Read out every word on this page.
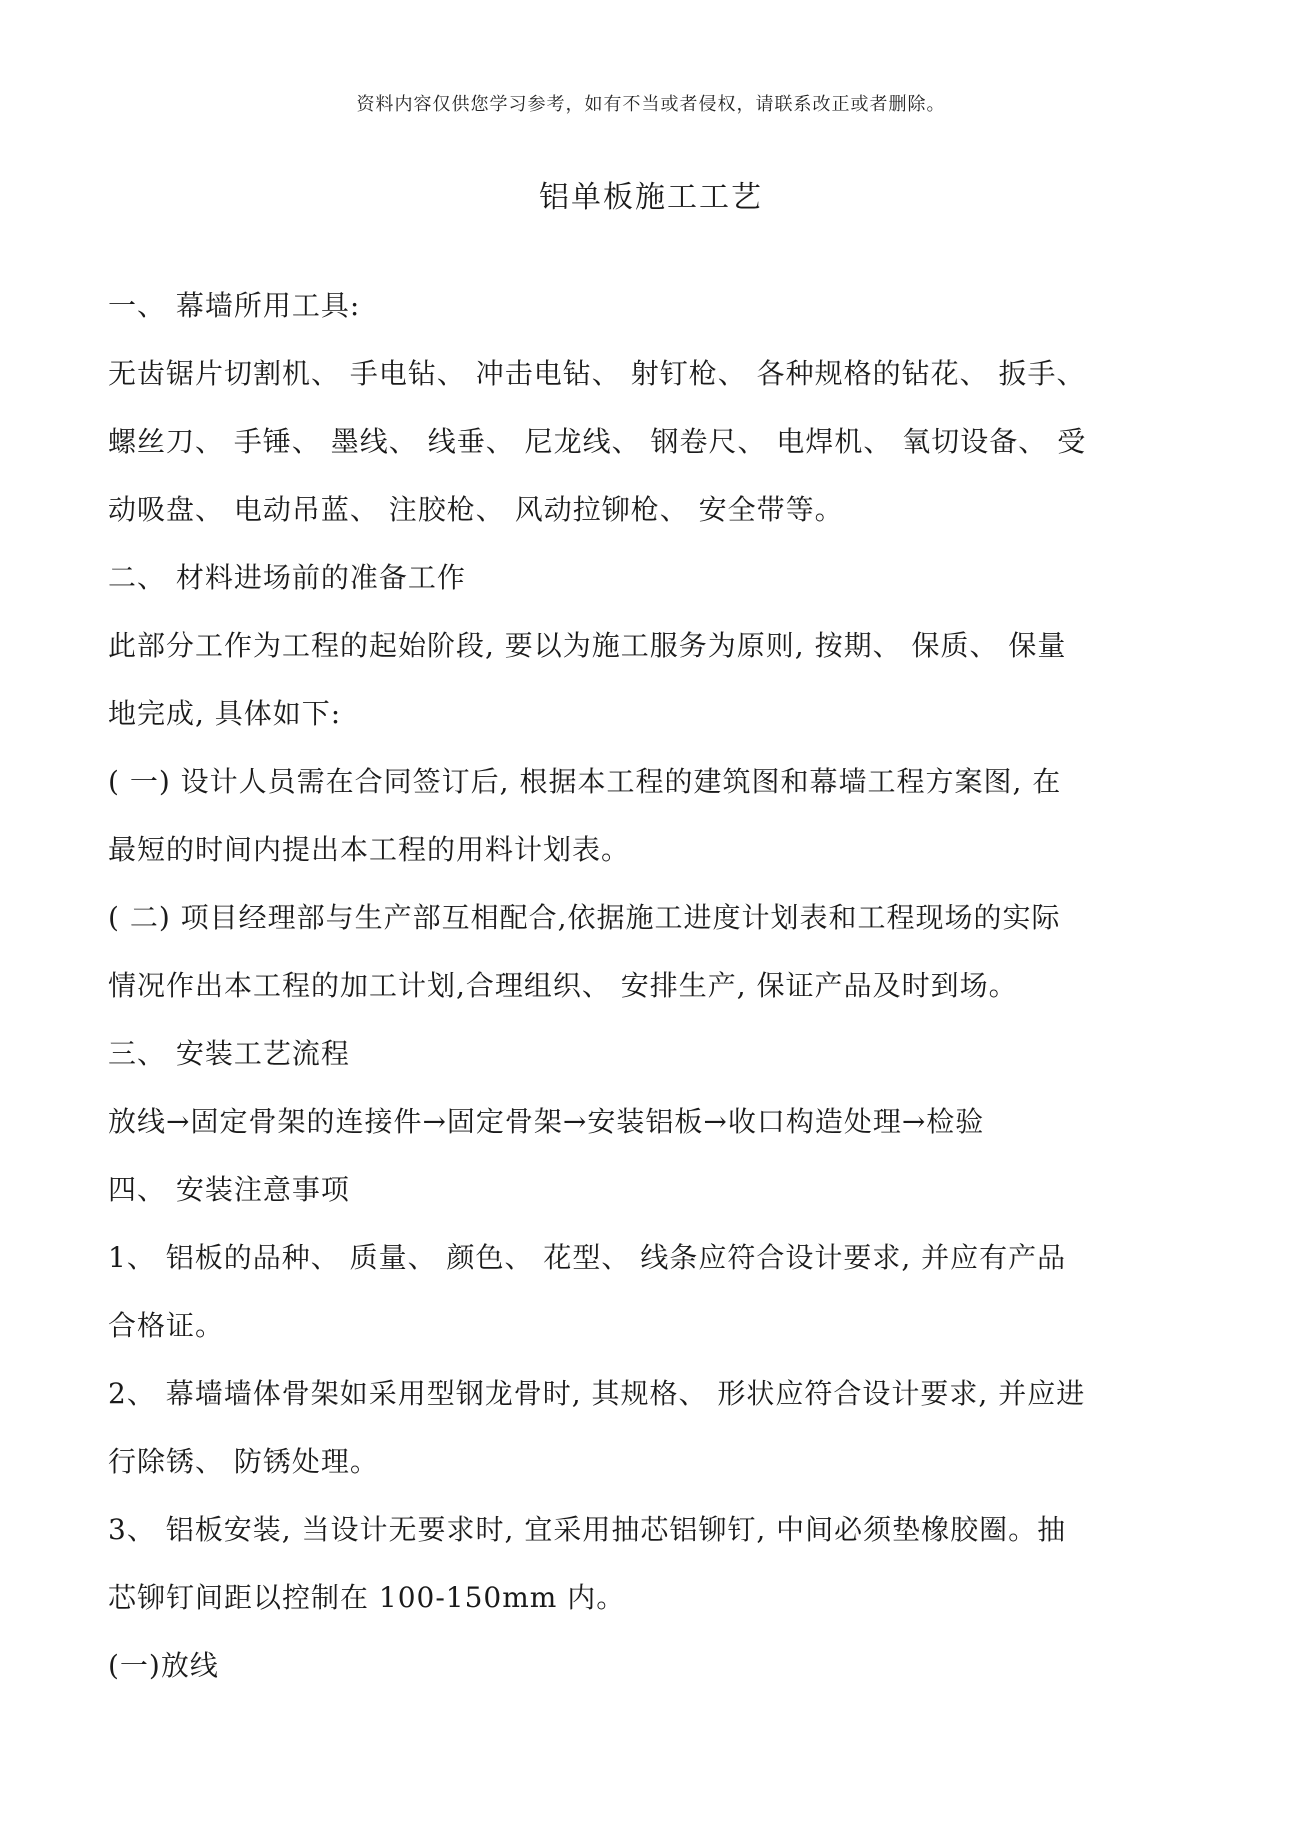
资料内容仅供您学习参考，如有不当或者侵权，请联系改正或者删除。
铝单板施工工艺

一、 幕墙所用工具:

无齿锯片切割机、 手电钻、 冲击电钻、 射钉枪、 各种规格的钻花、 扳手、

螺丝刀、 手锤、 墨线、 线垂、 尼龙线、 钢卷尺、 电焊机、 氧切设备、 受

动吸盘、 电动吊蓝、 注胶枪、 风动拉铆枪、 安全带等。

二、 材料进场前的准备工作

此部分工作为工程的起始阶段, 要以为施工服务为原则, 按期、 保质、 保量

地完成, 具体如下:

( 一) 设计人员需在合同签订后, 根据本工程的建筑图和幕墙工程方案图, 在

最短的时间内提出本工程的用料计划表。

( 二) 项目经理部与生产部互相配合,依据施工进度计划表和工程现场的实际

情况作出本工程的加工计划,合理组织、 安排生产, 保证产品及时到场。

三、 安装工艺流程

放线→固定骨架的连接件→固定骨架→安装铝板→收口构造处理→检验

四、 安装注意事项

1、 铝板的品种、 质量、 颜色、 花型、 线条应符合设计要求, 并应有产品

合格证。

2、 幕墙墙体骨架如采用型钢龙骨时, 其规格、 形状应符合设计要求, 并应进

行除锈、 防锈处理。

3、 铝板安装, 当设计无要求时, 宜采用抽芯铝铆钉, 中间必须垫橡胶圈。抽

芯铆钉间距以控制在 100-150mm 内。

(一)放线
